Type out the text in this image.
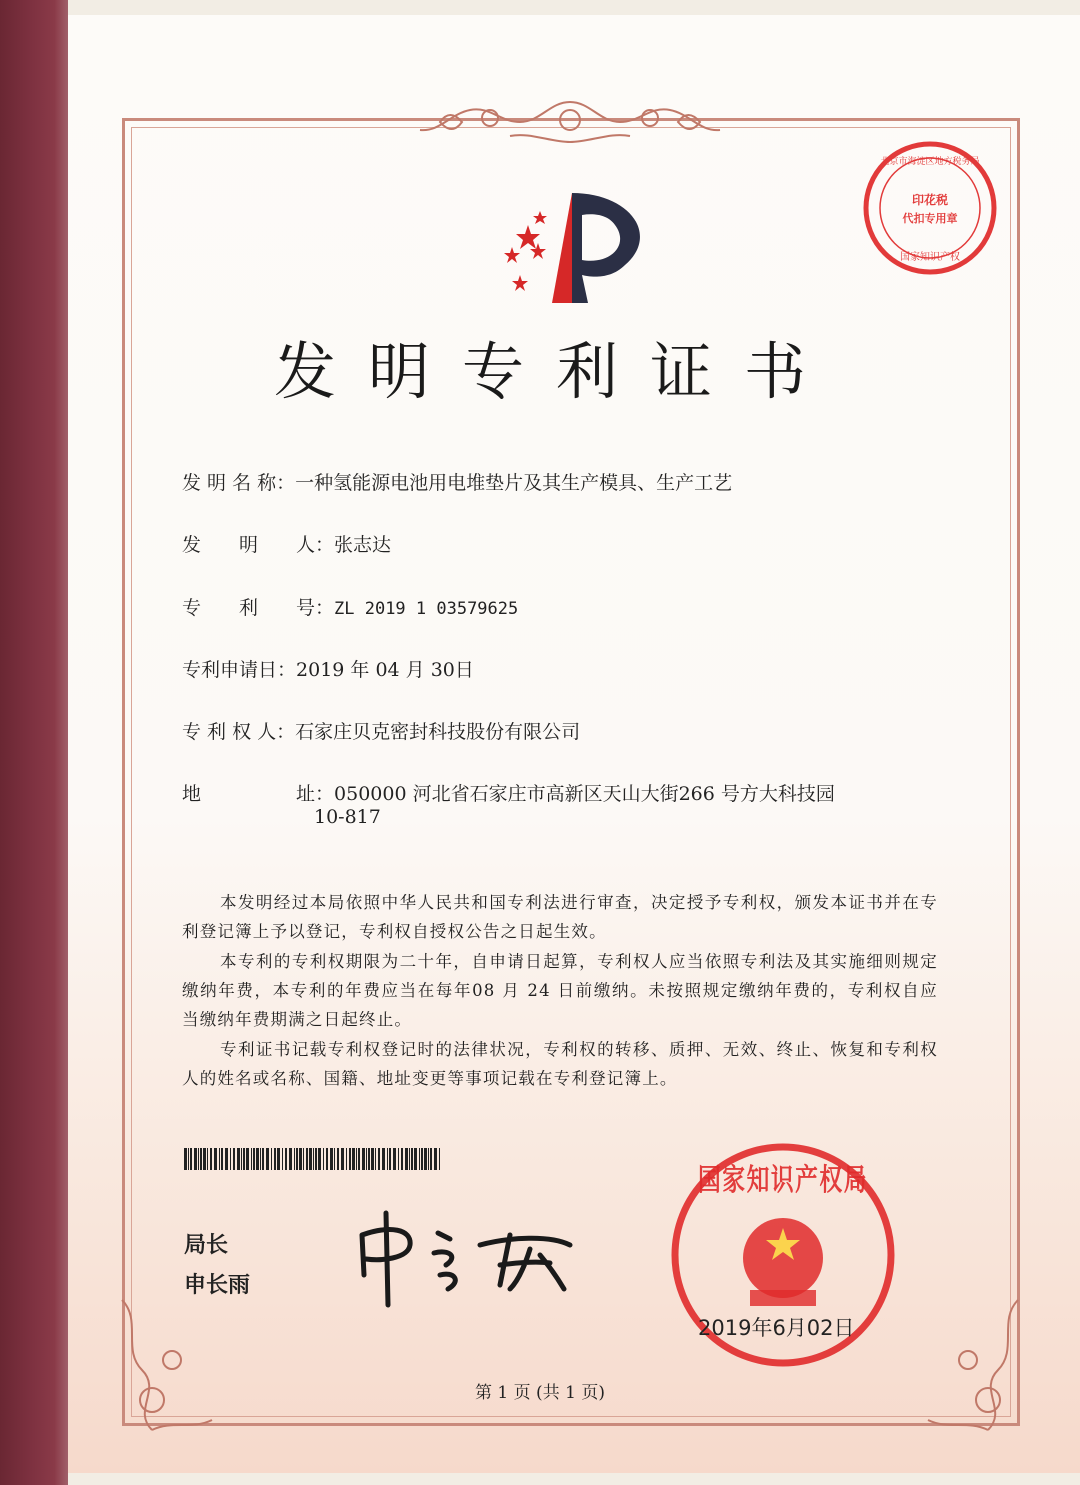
印花税
代扣专用章
北京市海淀区地方税务局
国家知识产权
发明专利证书
发 明 名 称：一种氢能源电池用电堆垫片及其生产模具、生产工艺
发　　明　　人：张志达
专　　利　　号：ZL 2019 1 03579625
专利申请日：2019 年 04 月 30日
专 利 权 人：石家庄贝克密封科技股份有限公司
地　　　　　址：050000 河北省石家庄市高新区天山大街266 号方大科技园
10-817
本发明经过本局依照中华人民共和国专利法进行审查，决定授予专利权，颁发本证书并在专利登记簿上予以登记，专利权自授权公告之日起生效。
本专利的专利权期限为二十年，自申请日起算，专利权人应当依照专利法及其实施细则规定缴纳年费，本专利的年费应当在每年08 月 24 日前缴纳。未按照规定缴纳年费的，专利权自应当缴纳年费期满之日起终止。
专利证书记载专利权登记时的法律状况，专利权的转移、质押、无效、终止、恢复和专利权人的姓名或名称、国籍、地址变更等事项记载在专利登记簿上。
局长
申长雨
国家知识产权局
2019年6月02日
第 1 页 (共 1 页)
